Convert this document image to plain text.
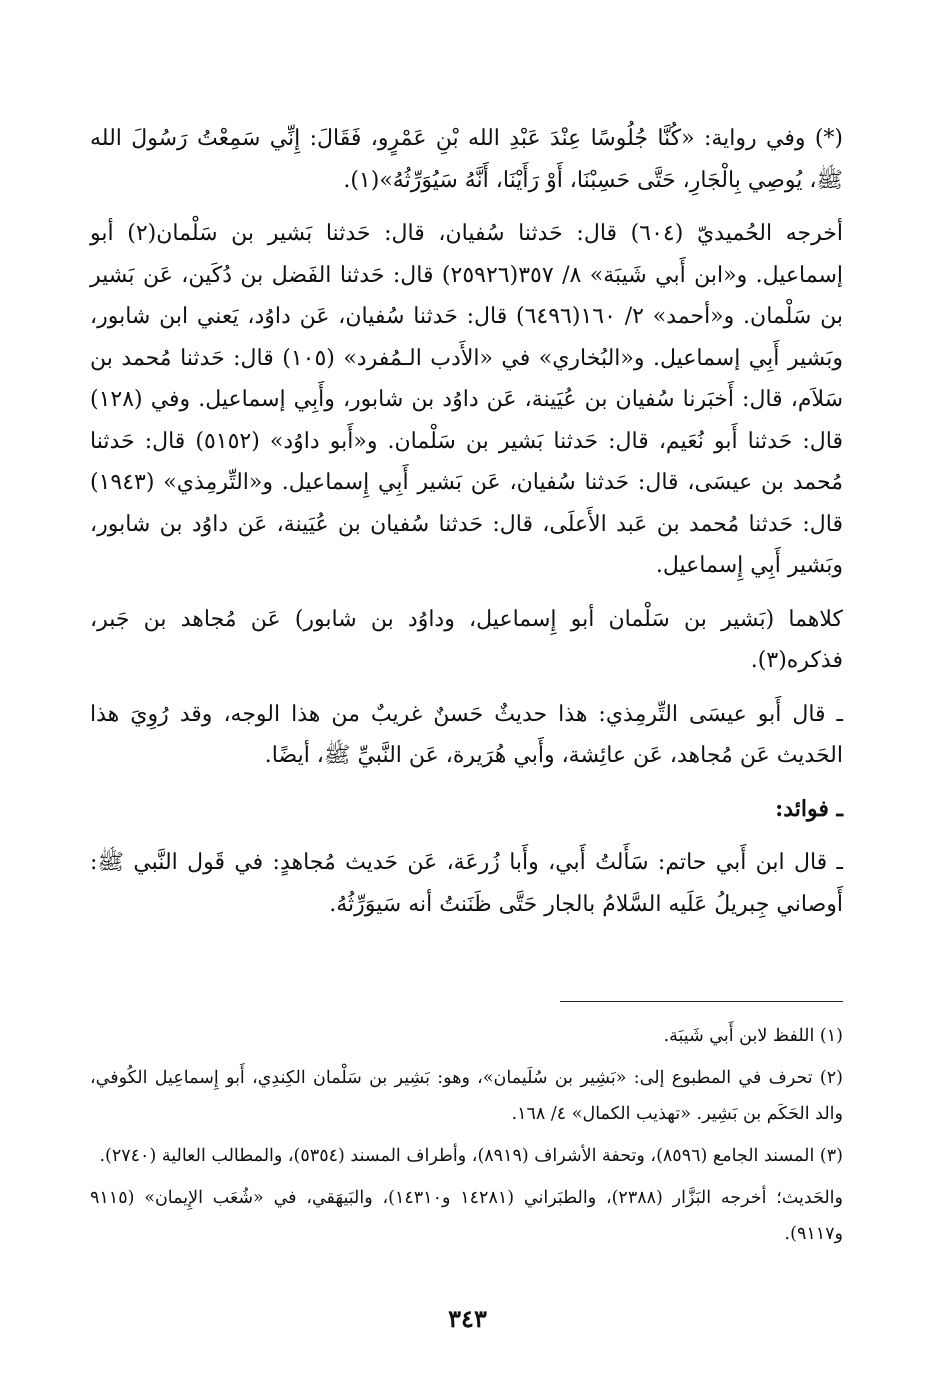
(*) وفي رواية: «كُنَّا جُلُوسًا عِنْدَ عَبْدِ الله بْنِ عَمْرٍو، فَقَالَ: إِنِّي سَمِعْتُ رَسُولَ الله ﷺ، يُوصِي بِالْجَارِ، حَتَّى حَسِبْنَا، أَوْ رَأَيْنَا، أَنَّهُ سَيُوَرِّثُهُ»(١).

أخرجه الحُميديّ (٦٠٤) قال: حَدثنا سُفيان، قال: حَدثنا بَشير بن سَلْمان(٢) أبو إسماعيل. و«ابن أَبي شَيبَة» ٨/ ٣٥٧(٢٥٩٢٦) قال: حَدثنا الفَضل بن دُكَين، عَن بَشير بن سَلْمان. و«أحمد» ٢/ ١٦٠(٦٤٩٦) قال: حَدثنا سُفيان، عَن داوُد، يَعني ابن شابور، وبَشير أَبِي إسماعيل. و«البُخاري» في «الأَدب الـمُفرد» (١٠٥) قال: حَدثنا مُحمد بن سَلاَم، قال: أَخبَرنا سُفيان بن عُيَينة، عَن داوُد بن شابور، وأَبِي إسماعيل. وفي (١٢٨) قال: حَدثنا أَبو نُعَيم، قال: حَدثنا بَشير بن سَلْمان. و«أَبو داوُد» (٥١٥٢) قال: حَدثنا مُحمد بن عيسَى، قال: حَدثنا سُفيان، عَن بَشير أَبِي إِسماعيل. و«التِّرمِذي» (١٩٤٣) قال: حَدثنا مُحمد بن عَبد الأَعلَى، قال: حَدثنا سُفيان بن عُيَينة، عَن داوُد بن شابور، وبَشير أَبِي إِسماعيل.

كلاهما (بَشير بن سَلْمان أبو إِسماعيل، وداوُد بن شابور) عَن مُجاهد بن جَبر، فذكره(٣).

ـ قال أَبو عيسَى التِّرمِذي: هذا حديثٌ حَسنٌ غريبٌ من هذا الوجه، وقد رُوِيَ هذا الحَديث عَن مُجاهد، عَن عائِشة، وأَبي هُرَيرة، عَن النَّبيِّ ﷺ، أيضًا.

ـ فوائد:

ـ قال ابن أَبي حاتم: سَأَلتُ أَبي، وأَبا زُرعَة، عَن حَديث مُجاهدٍ: في قَول النَّبي ﷺ: أَوصاني جِبريلُ عَلَيه السَّلامُ بالجار حَتَّى ظَنَنتُ أنه سَيوَرِّثُهُ.

(١) اللفظ لابن أَبي شَيبَة.

(٢) تحرف في المطبوع إلى: «بَشِير بن سُلَيمان»، وهو: بَشِير بن سَلْمان الكِندِي، أَبو إِسماعِيل الكُوفي، والد الحَكَم بن بَشِير. «تهذيب الكمال» ٤/ ١٦٨.

(٣) المسند الجامع (٨٥٩٦)، وتحفة الأشراف (٨٩١٩)، وأطراف المسند (٥٣٥٤)، والمطالب العالية (٢٧٤٠).

والحَديث؛ أخرجه البَزَّار (٢٣٨٨)، والطبَراني (١٤٢٨١ و١٤٣١٠)، والبَيهَقي، في «شُعَب الإِيمان» (٩١١٥ و٩١١٧).

٣٤٣
